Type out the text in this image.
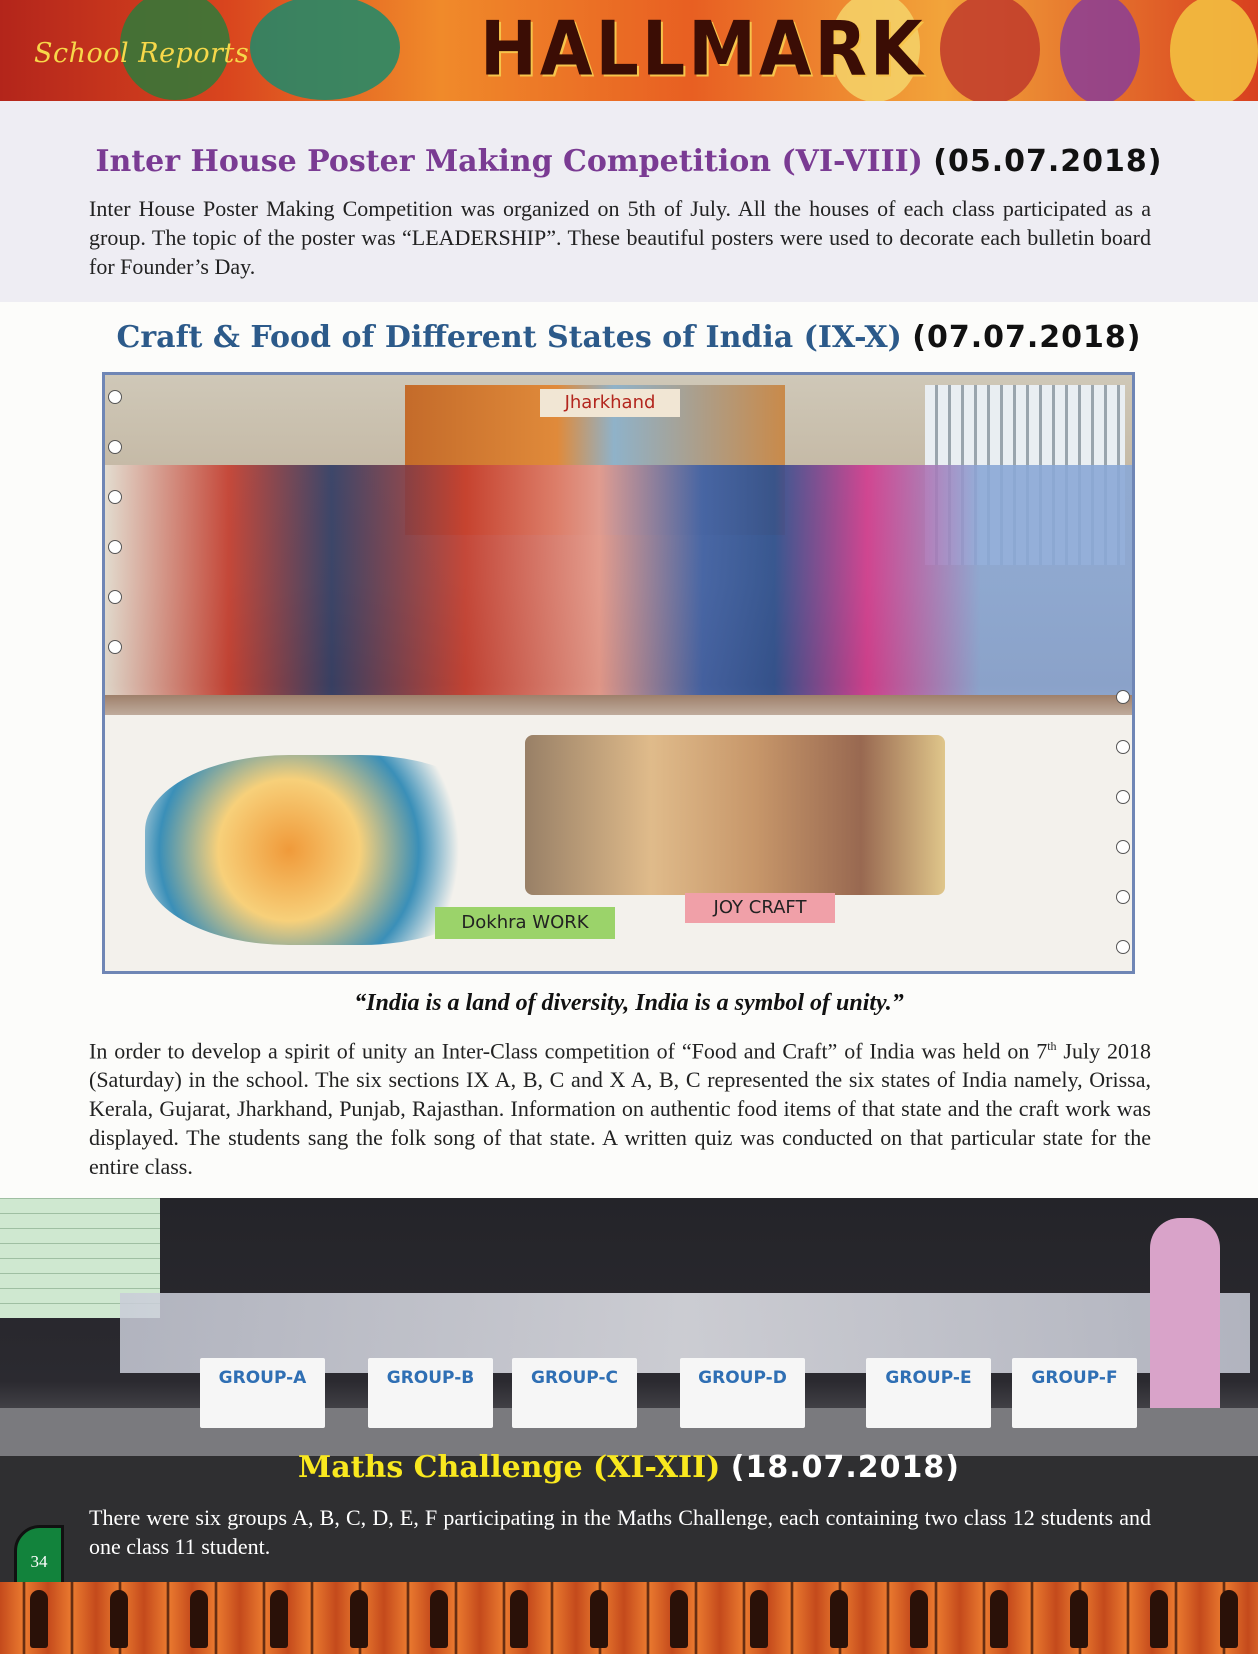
School Reports	HALLMARK
Inter House Poster Making Competition (VI-VIII) (05.07.2018)

Inter House Poster Making Competition was organized on 5th of July. All the houses of each class participated as a group. The topic of the poster was “LEADERSHIP”. These beautiful posters were used to decorate each bulletin board for Founder’s Day.

Craft & Food of Different States of India (IX-X) (07.07.2018)
Dokhra WORK
JOY CRAFT
Jharkhand
“India is a land of diversity, India is a symbol of unity.”

In order to develop a spirit of unity an Inter-Class competition of “Food and Craft” of India was held on 7th July 2018 (Saturday) in the school. The six sections IX A, B, C and X A, B, C represented the six states of India namely, Orissa, Kerala, Gujarat, Jharkhand, Punjab, Rajasthan. Information on authentic food items of that state and the craft work was displayed. The students sang the folk song of that state. A written quiz was conducted on that particular state for the entire class.

GROUP-A	GROUP-B	GROUP-C	GROUP-D	GROUP-E	GROUP-F
Maths Challenge (XI-XII) (18.07.2018)

There were six groups A, B, C, D, E, F participating in the Maths Challenge, each containing two class 12 students and one class 11 student.

34
